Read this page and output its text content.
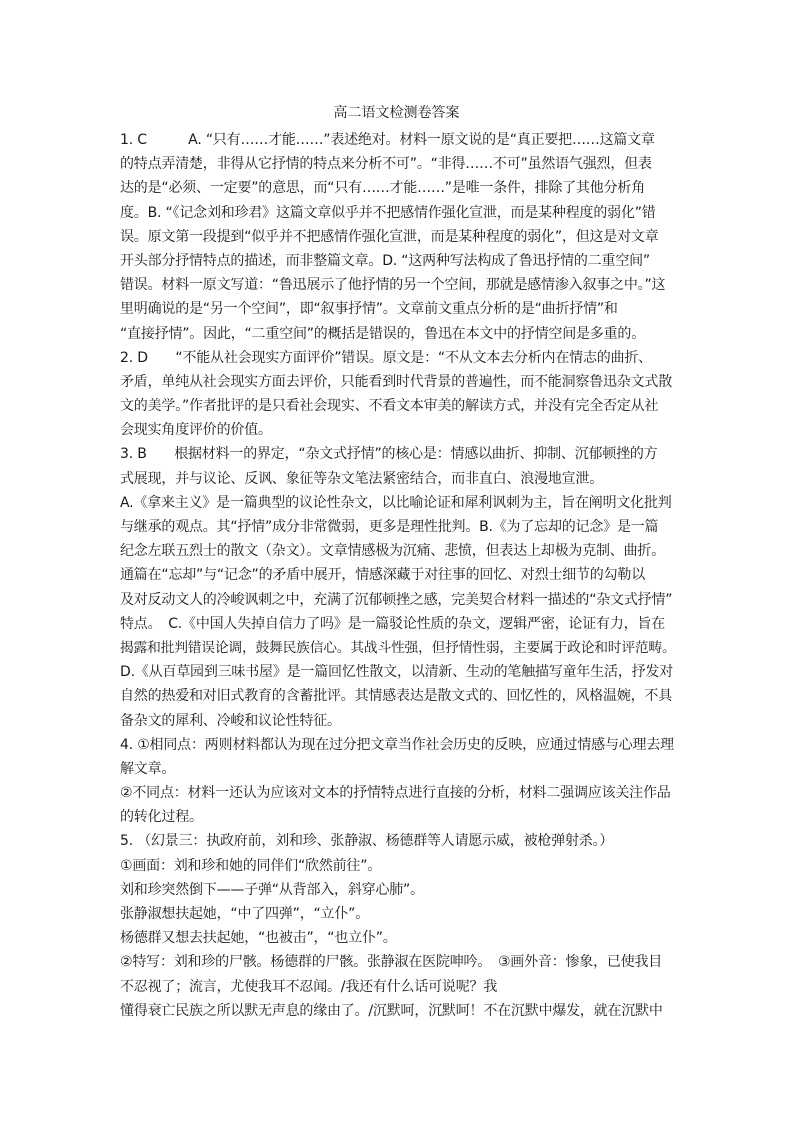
高二语文检测卷答案
1. C　　　A. “只有……才能……”表述绝对。材料一原文说的是“真正要把……这篇文章
的特点弄清楚，非得从它抒情的特点来分析不可”。“非得……不可”虽然语气强烈，但表
达的是“必须、一定要”的意思，而“只有……才能……”是唯一条件，排除了其他分析角
度。B. “《记念刘和珍君》这篇文章似乎并不把感情作强化宣泄，而是某种程度的弱化”错
误。原文第一段提到“似乎并不把感情作强化宣泄，而是某种程度的弱化”，但这是对文章
开头部分抒情特点的描述，而非整篇文章。D. “这两种写法构成了鲁迅抒情的二重空间”
错误。材料一原文写道：“鲁迅展示了他抒情的另一个空间，那就是感情渗入叙事之中。”这
里明确说的是“另一个空间”，即“叙事抒情”。文章前文重点分析的是“曲折抒情”和
“直接抒情”。因此，“二重空间”的概括是错误的，鲁迅在本文中的抒情空间是多重的。
2. D　　“不能从社会现实方面评价”错误。原文是：“不从文本去分析内在情志的曲折、
矛盾，单纯从社会现实方面去评价，只能看到时代背景的普遍性，而不能洞察鲁迅杂文式散
文的美学。”作者批评的是只看社会现实、不看文本审美的解读方式，并没有完全否定从社
会现实角度评价的价值。
3. B　　根据材料一的界定，“杂文式抒情”的核心是：情感以曲折、抑制、沉郁顿挫的方
式展现，并与议论、反讽、象征等杂文笔法紧密结合，而非直白、浪漫地宣泄。
A.《拿来主义》是一篇典型的议论性杂文，以比喻论证和犀利讽刺为主，旨在阐明文化批判
与继承的观点。其“抒情”成分非常微弱，更多是理性批判。B.《为了忘却的记念》是一篇
纪念左联五烈士的散文（杂文）。文章情感极为沉痛、悲愤，但表达上却极为克制、曲折。
通篇在“忘却”与“记念”的矛盾中展开，情感深藏于对往事的回忆、对烈士细节的勾勒以
及对反动文人的冷峻讽刺之中，充满了沉郁顿挫之感，完美契合材料一描述的“杂文式抒情”
特点。　C.《中国人失掉自信力了吗》是一篇驳论性质的杂文，逻辑严密，论证有力，旨在
揭露和批判错误论调，鼓舞民族信心。其战斗性强，但抒情性弱，主要属于政论和时评范畴。
D.《从百草园到三味书屋》是一篇回忆性散文，以清新、生动的笔触描写童年生活，抒发对
自然的热爱和对旧式教育的含蓄批评。其情感表达是散文式的、回忆性的，风格温婉，不具
备杂文的犀利、冷峻和议论性特征。
4. ①相同点：两则材料都认为现在过分把文章当作社会历史的反映，应通过情感与心理去理
解文章。
②不同点：材料一还认为应该对文本的抒情特点进行直接的分析，材料二强调应该关注作品
的转化过程。
5. （幻景三：执政府前，刘和珍、张静淑、杨德群等人请愿示威，被枪弹射杀。）
①画面：刘和珍和她的同伴们“欣然前往”。
刘和珍突然倒下——子弹“从背部入，斜穿心肺”。
张静淑想扶起她，“中了四弹”，“立仆”。
杨德群又想去扶起她，“也被击”，“也立仆”。
②特写：刘和珍的尸骸。杨德群的尸骸。张静淑在医院呻吟。　③画外音：惨象，已使我目
不忍视了；流言，尤使我耳不忍闻。/我还有什么话可说呢？我
懂得衰亡民族之所以默无声息的缘由了。/沉默呵，沉默呵！不在沉默中爆发，就在沉默中
